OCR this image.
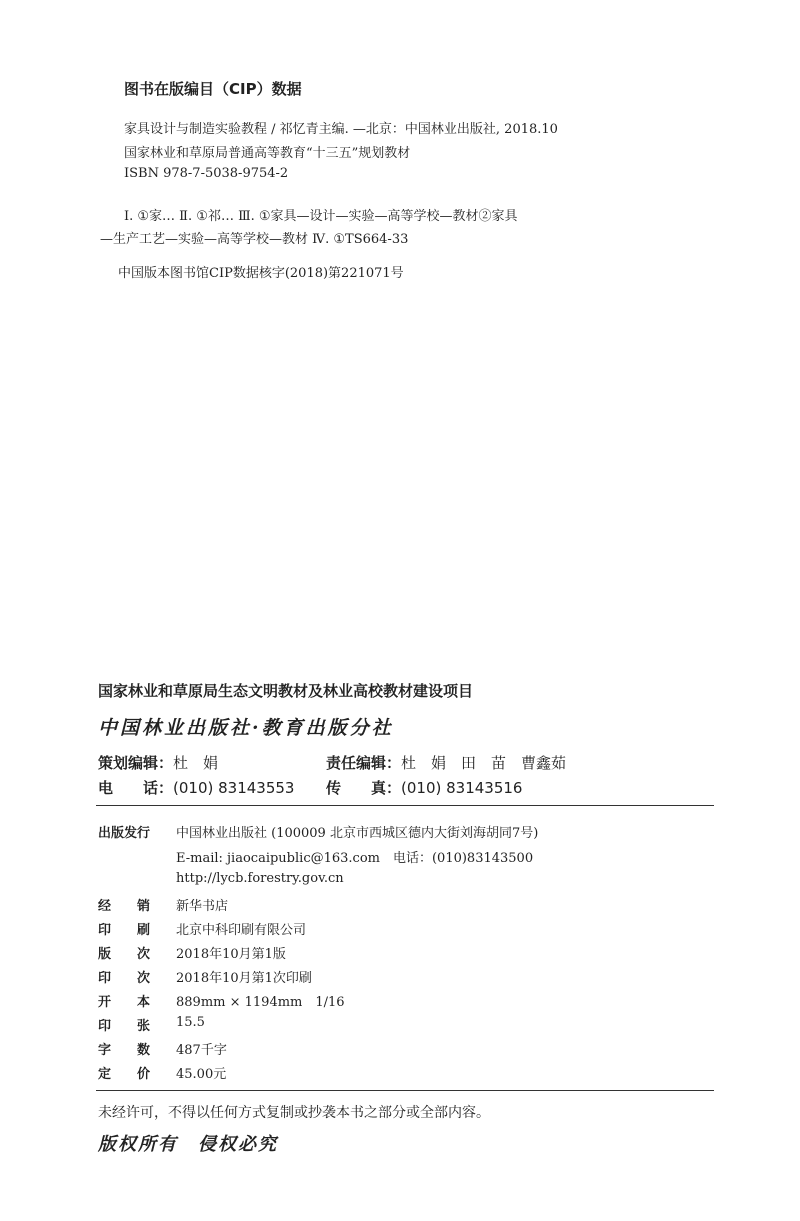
图书在版编目（CIP）数据
家具设计与制造实验教程 / 祁忆青主编. —北京：中国林业出版社, 2018.10
国家林业和草原局普通高等教育“十三五”规划教材
ISBN 978-7-5038-9754-2
Ⅰ. ①家… Ⅱ. ①祁… Ⅲ. ①家具—设计—实验—高等学校—教材②家具
—生产工艺—实验—高等学校—教材 Ⅳ. ①TS664-33
中国版本图书馆CIP数据核字(2018)第221071号
国家林业和草原局生态文明教材及林业高校教材建设项目
中国林业出版社·教育出版分社
策划编辑：杜　娟	责任编辑：杜　娟　田　苗　曹鑫茹
电　　话：(010) 83143553 传　　真：(010) 83143516
出版发行 中国林业出版社 (100009 北京市西城区德内大街刘海胡同7号)
E-mail: jiaocaipublic@163.com　电话：(010)83143500
http://lycb.forestry.gov.cn
经　　销 新华书店
印　　刷 北京中科印刷有限公司
版　　次 2018年10月第1版
印　　次 2018年10月第1次印刷
开　　本 889mm × 1194mm　1/16
印　　张 15.5
字　　数 487千字
定　　价 45.00元
未经许可，不得以任何方式复制或抄袭本书之部分或全部内容。
版权所有　侵权必究
